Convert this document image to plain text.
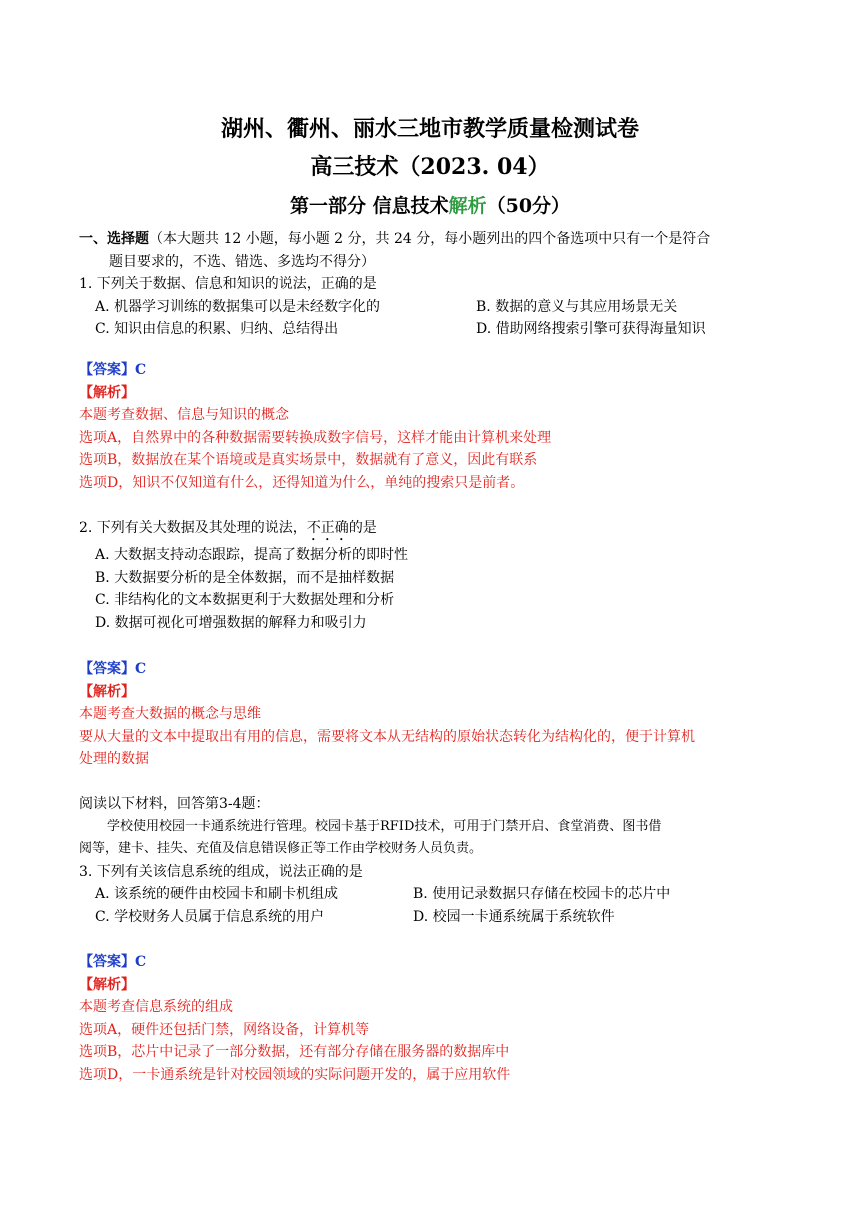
湖州、衢州、丽水三地市教学质量检测试卷
高三技术（2023. 04）
第一部分 信息技术解析（50分）
一、选择题（本大题共 12 小题，每小题 2 分，共 24 分，每小题列出的四个备选项中只有一个是符合
题目要求的，不选、错选、多选均不得分）
1. 下列关于数据、信息和知识的说法，正确的是
A. 机器学习训练的数据集可以是未经数字化的	B. 数据的意义与其应用场景无关
C. 知识由信息的积累、归纳、总结得出	D. 借助网络搜索引擎可获得海量知识
【答案】C
【解析】
本题考查数据、信息与知识的概念
选项A，自然界中的各种数据需要转换成数字信号，这样才能由计算机来处理
选项B，数据放在某个语境或是真实场景中，数据就有了意义，因此有联系
选项D，知识不仅知道有什么，还得知道为什么，单纯的搜索只是前者。
2. 下列有关大数据及其处理的说法，不正确的是
A. 大数据支持动态跟踪，提高了数据分析的即时性
B. 大数据要分析的是全体数据，而不是抽样数据
C. 非结构化的文本数据更利于大数据处理和分析
D. 数据可视化可增强数据的解释力和吸引力
【答案】C
【解析】
本题考查大数据的概念与思维
要从大量的文本中提取出有用的信息，需要将文本从无结构的原始状态转化为结构化的，便于计算机
处理的数据
阅读以下材料，回答第3-4题：
学校使用校园一卡通系统进行管理。校园卡基于RFID技术，可用于门禁开启、食堂消费、图书借
阅等，建卡、挂失、充值及信息错误修正等工作由学校财务人员负责。
3. 下列有关该信息系统的组成，说法正确的是
A. 该系统的硬件由校园卡和刷卡机组成	B. 使用记录数据只存储在校园卡的芯片中
C. 学校财务人员属于信息系统的用户	D. 校园一卡通系统属于系统软件
【答案】C
【解析】
本题考查信息系统的组成
选项A，硬件还包括门禁，网络设备，计算机等
选项B，芯片中记录了一部分数据，还有部分存储在服务器的数据库中
选项D，一卡通系统是针对校园领域的实际问题开发的，属于应用软件
